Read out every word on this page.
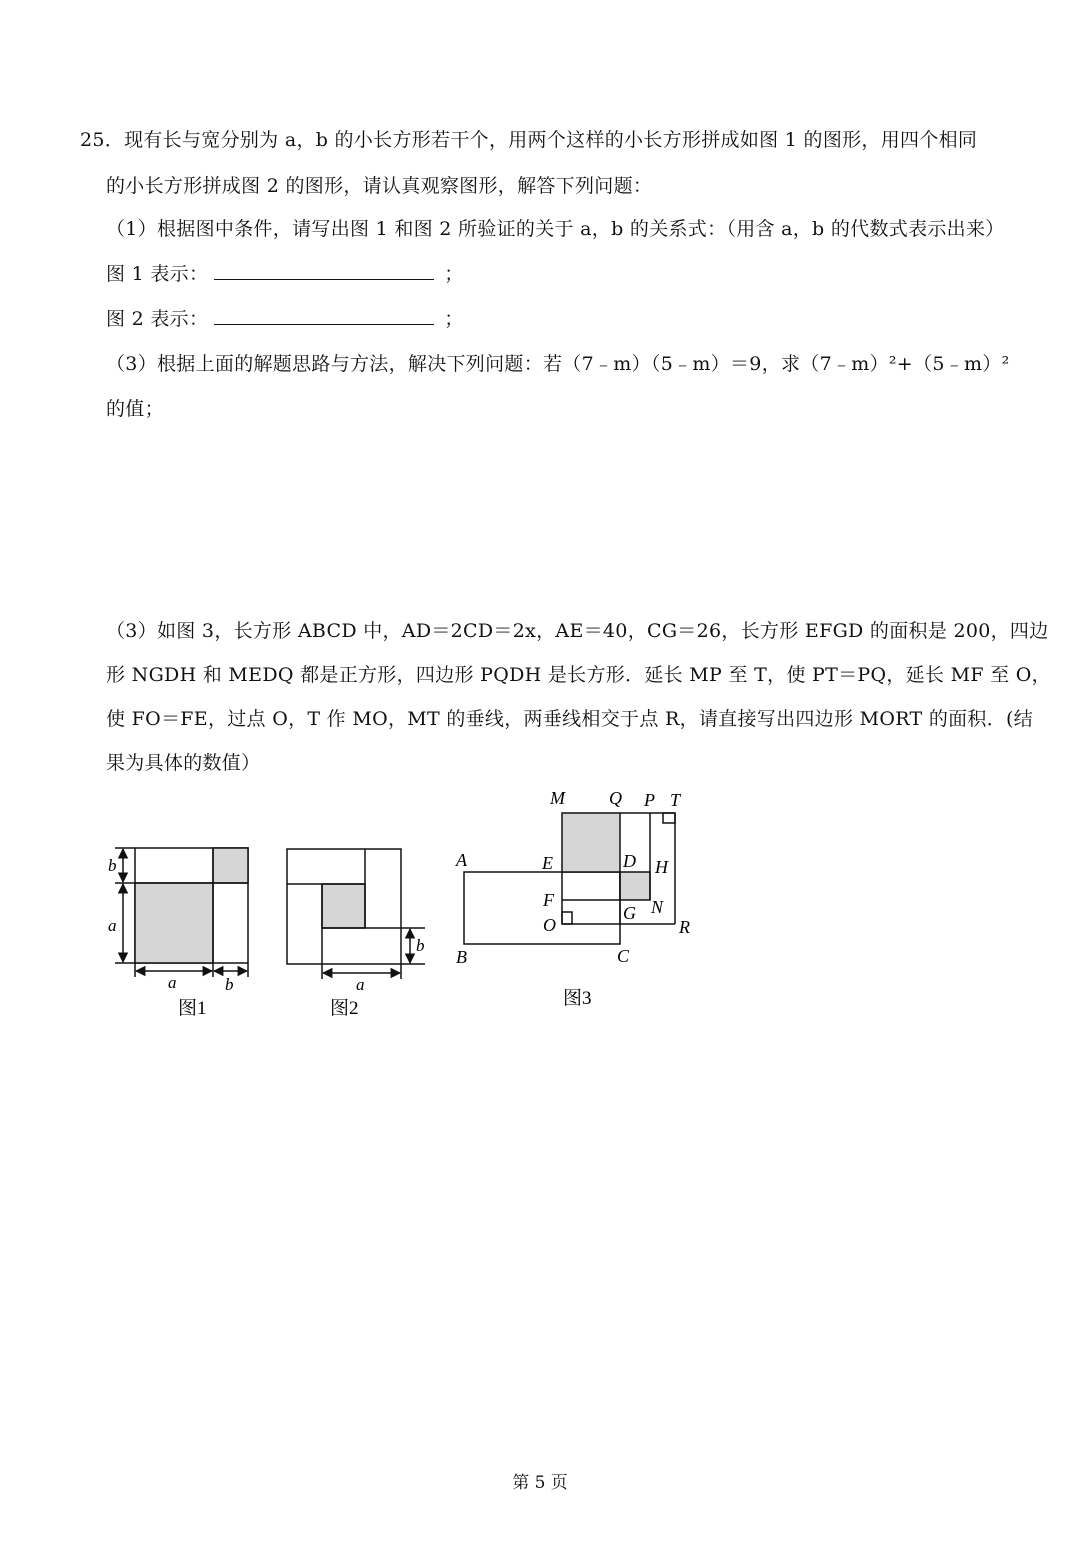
25．现有长与宽分别为 a，b 的小长方形若干个，用两个这样的小长方形拼成如图 1 的图形，用四个相同
的小长方形拼成图 2 的图形，请认真观察图形，解答下列问题：
（1）根据图中条件，请写出图 1 和图 2 所验证的关于 a，b 的关系式：（用含 a，b 的代数式表示出来）
图 1 表示：	；
图 2 表示：	；
（3）根据上面的解题思路与方法，解决下列问题：若（7﹣m）（5﹣m）＝9，求（7﹣m）²+（5﹣m）²
的值；
（3）如图 3，长方形 ABCD 中，AD＝2CD＝2x，AE＝40，CG＝26，长方形 EFGD 的面积是 200，四边
形 NGDH 和 MEDQ 都是正方形，四边形 PQDH 是长方形．延长 MP 至 T，使 PT＝PQ，延长 MF 至 O，
使 FO＝FE，过点 O，T 作 MO，MT 的垂线，两垂线相交于点 R，请直接写出四边形 MORT 的面积．(结
果为具体的数值）
b
a
a	b
图1
b
a
图2
M Q P T
A	E	D H
F
G N
O	R
B	C
图3
第 5 页
